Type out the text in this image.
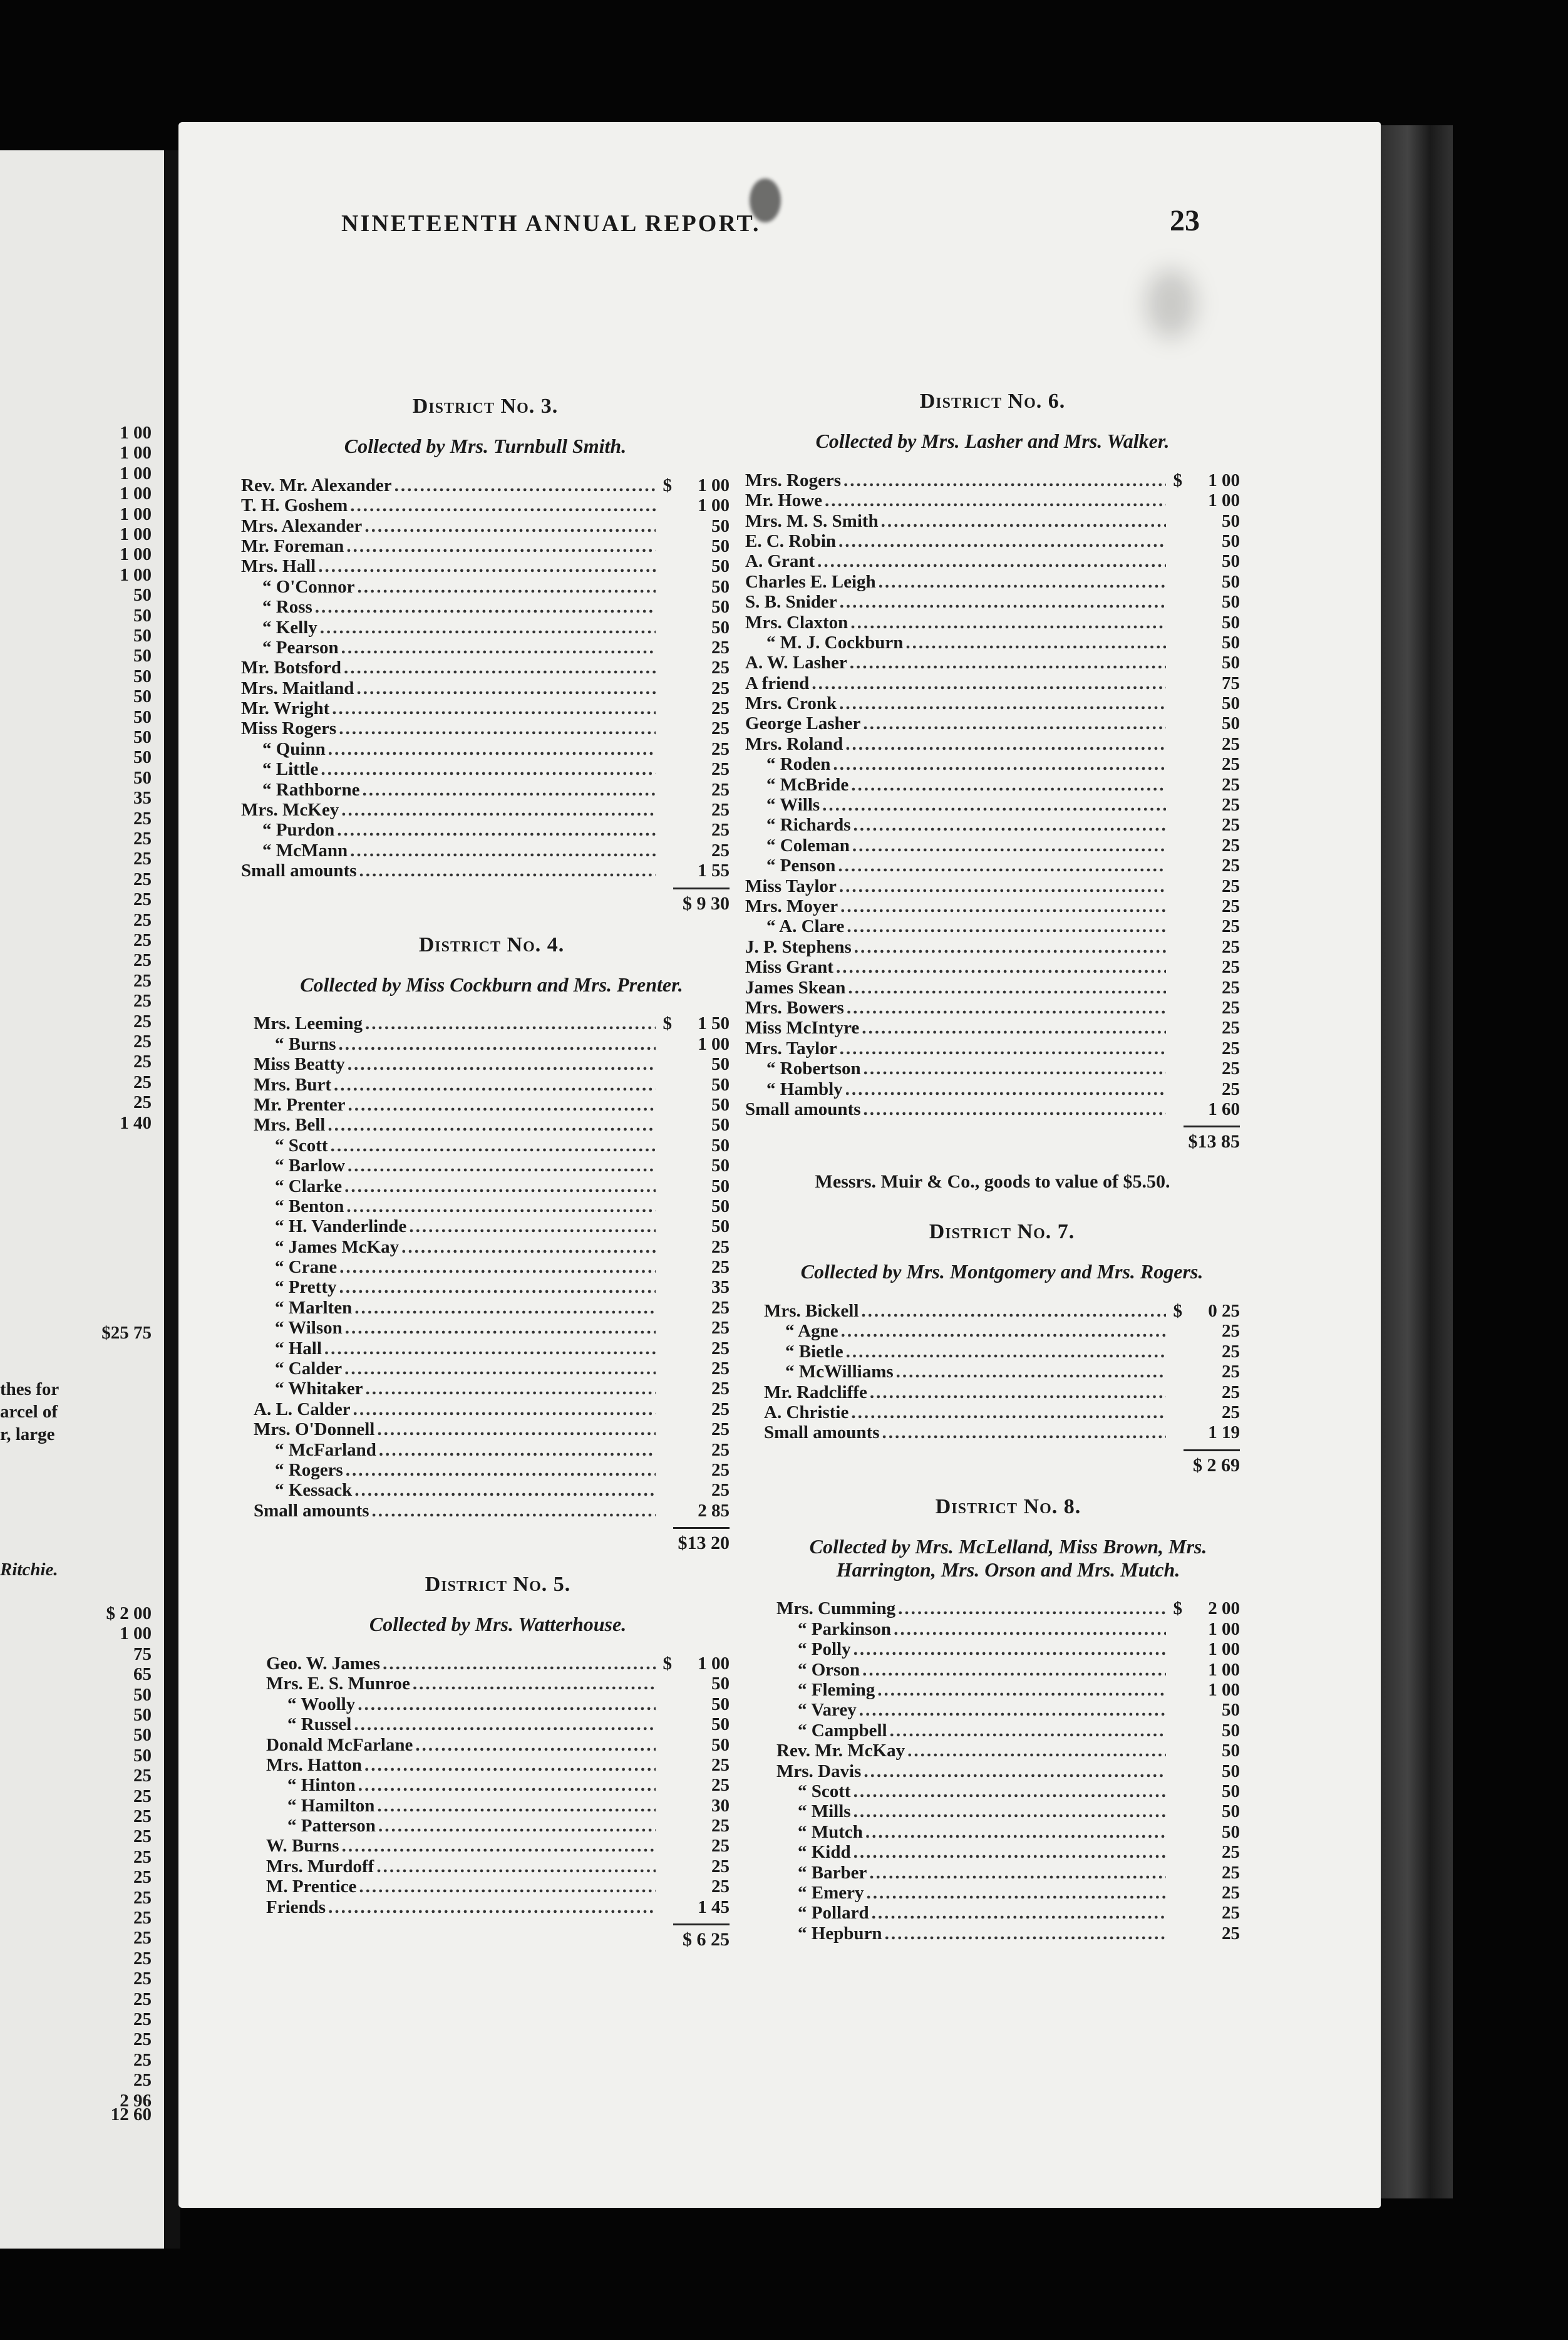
1 00
1 00
1 00
1 00
1 00
1 00
1 00
1 00
50
50
50
50
50
50
50
50
50
50
35
25
25
25
25
25
25
25
25
25
25
25
25
25
25
25
1 40
$25 75
thes for
arcel of
r, large
Ritchie.
$ 2 00
1 00
75
65
50
50
50
50
25
25
25
25
25
25
25
25
25
25
25
25
25
25
25
25
2 96
12 60
NINETEENTH ANNUAL REPORT.	23
District No. 3.
Collected by Mrs. Turnbull Smith.
Rev. Mr. Alexander .....	$	1 00
T. H. Goshem .....	1 00
Mrs. Alexander .....	50
Mr. Foreman .....	50
Mrs. Hall .....	50
“ O'Connor .....	50
“ Ross .....	50
“ Kelly .....	50
“ Pearson .....	25
Mr. Botsford .....	25
Mrs. Maitland .....	25
Mr. Wright .....	25
Miss Rogers .....	25
“ Quinn .....	25
“ Little .....	25
“ Rathborne .....	25
Mrs. McKey .....	25
“ Purdon .....	25
“ McMann .....	25
Small amounts .....	1 55
$ 9 30
District No. 4.
Collected by Miss Cockburn and Mrs. Prenter.
Mrs. Leeming .....	$	1 50
“ Burns .....	1 00
Miss Beatty .....	50
Mrs. Burt .....	50
Mr. Prenter .....	50
Mrs. Bell .....	50
“ Scott .....	50
“ Barlow .....	50
“ Clarke .....	50
“ Benton .....	50
“ H. Vanderlinde .....	50
“ James McKay .....	25
“ Crane .....	25
“ Pretty .....	35
“ Marlten .....	25
“ Wilson .....	25
“ Hall .....	25
“ Calder .....	25
“ Whitaker .....	25
A. L. Calder .....	25
Mrs. O'Donnell .....	25
“ McFarland .....	25
“ Rogers .....	25
“ Kessack .....	25
Small amounts .....	2 85
$13 20
District No. 5.
Collected by Mrs. Watterhouse.
Geo. W. James .....	$	1 00
Mrs. E. S. Munroe .....	50
“ Woolly .....	50
“ Russel .....	50
Donald McFarlane .....	50
Mrs. Hatton .....	25
“ Hinton .....	25
“ Hamilton .....	30
“ Patterson .....	25
W. Burns .....	25
Mrs. Murdoff .....	25
M. Prentice .....	25
Friends .....	1 45
$ 6 25
District No. 6.
Collected by Mrs. Lasher and Mrs. Walker.
Mrs. Rogers .....	$	1 00
Mr. Howe .....	1 00
Mrs. M. S. Smith .....	50
E. C. Robin .....	50
A. Grant .....	50
Charles E. Leigh .....	50
S. B. Snider .....	50
Mrs. Claxton .....	50
“ M. J. Cockburn .....	50
A. W. Lasher .....	50
A friend .....	75
Mrs. Cronk .....	50
George Lasher .....	50
Mrs. Roland .....	25
“ Roden .....	25
“ McBride .....	25
“ Wills .....	25
“ Richards .....	25
“ Coleman .....	25
“ Penson .....	25
Miss Taylor .....	25
Mrs. Moyer .....	25
“ A. Clare .....	25
J. P. Stephens .....	25
Miss Grant .....	25
James Skean .....	25
Mrs. Bowers .....	25
Miss McIntyre .....	25
Mrs. Taylor .....	25
“ Robertson .....	25
“ Hambly .....	25
Small amounts .....	1 60
$13 85
Messrs. Muir & Co., goods to value of $5.50.
District No. 7.
Collected by Mrs. Montgomery and Mrs. Rogers.
Mrs. Bickell .....	$	0 25
“ Agne .....	25
“ Bietle .....	25
“ McWilliams .....	25
Mr. Radcliffe .....	25
A. Christie .....	25
Small amounts .....	1 19
$ 2 69
District No. 8.
Collected by Mrs. McLelland, Miss Brown, Mrs.
Harrington, Mrs. Orson and Mrs. Mutch.
Mrs. Cumming .....	$	2 00
“ Parkinson .....	1 00
“ Polly .....	1 00
“ Orson .....	1 00
“ Fleming .....	1 00
“ Varey .....	50
“ Campbell .....	50
Rev. Mr. McKay .....	50
Mrs. Davis .....	50
“ Scott .....	50
“ Mills .....	50
“ Mutch .....	50
“ Kidd .....	25
“ Barber .....	25
“ Emery .....	25
“ Pollard .....	25
“ Hepburn .....	25
